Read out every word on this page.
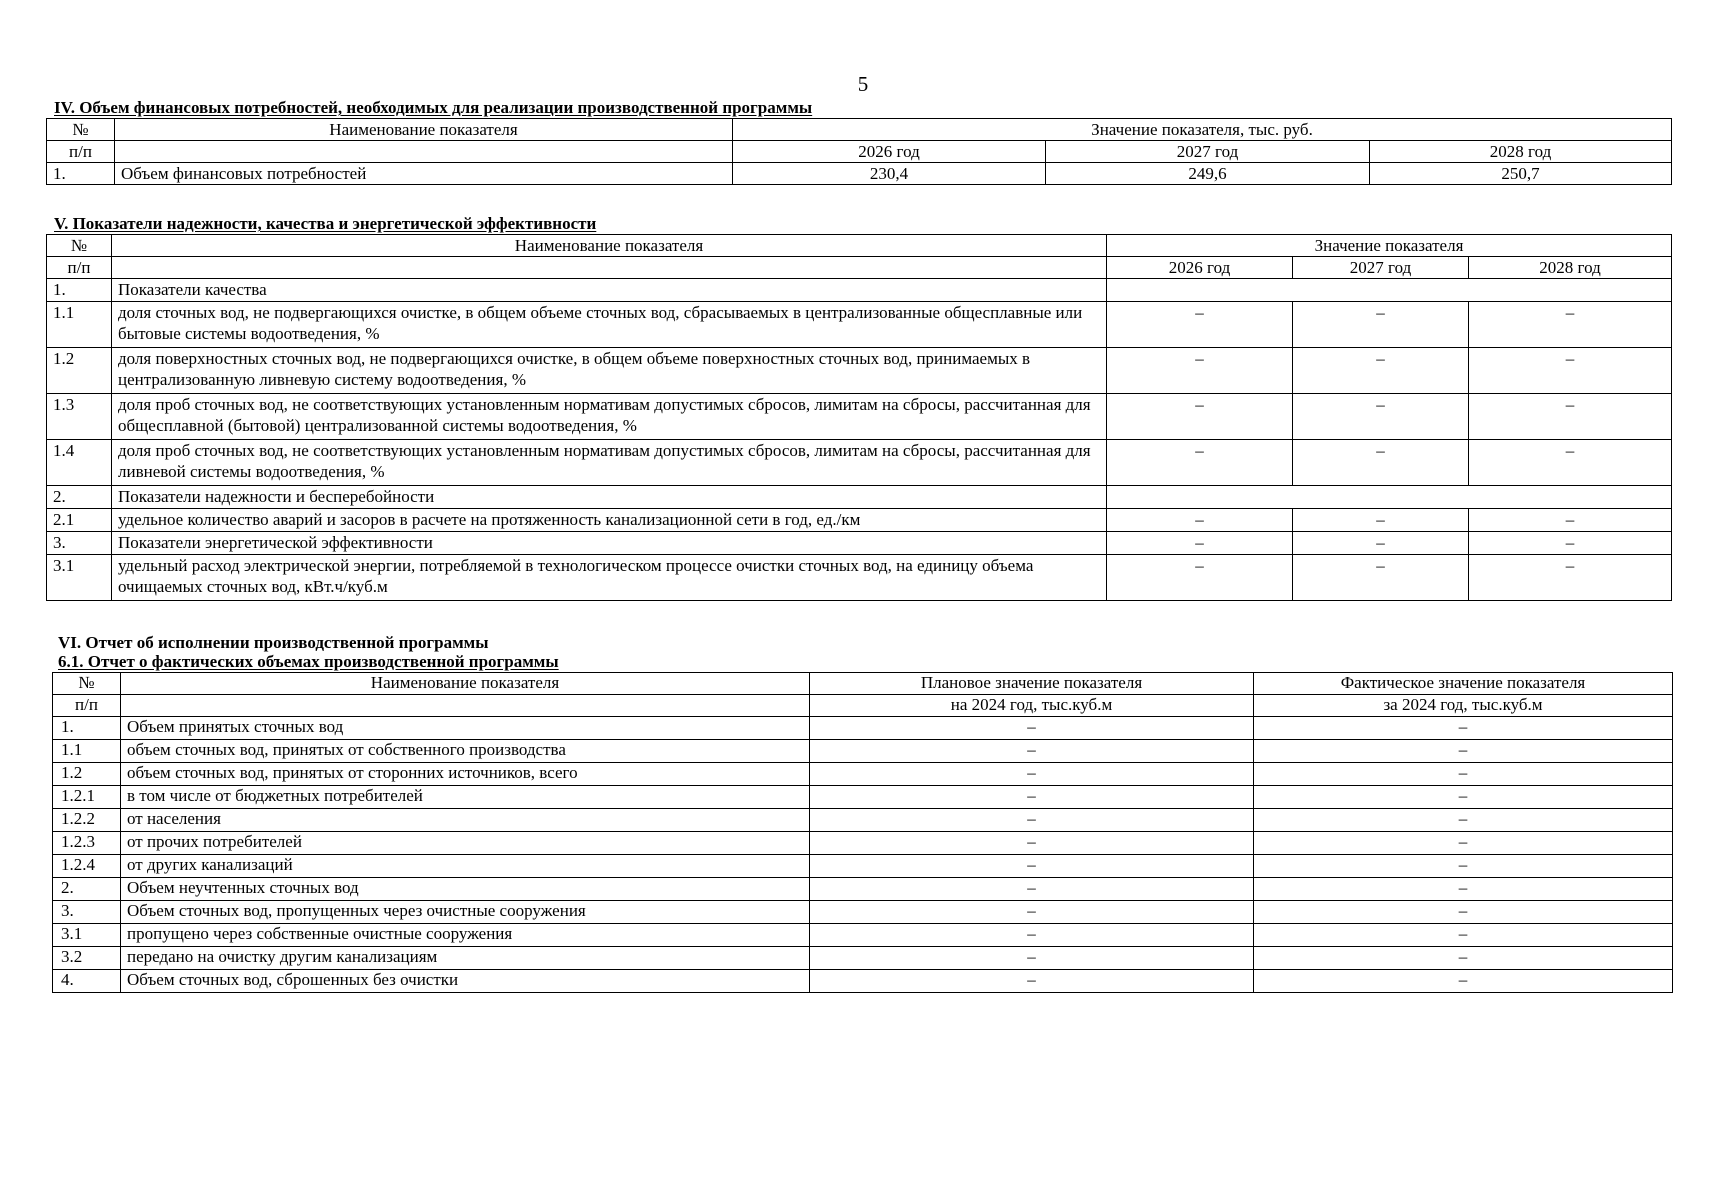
5
IV. Объем финансовых потребностей, необходимых для реализации производственной программы
№	Наименование показателя	Значение показателя, тыс. руб.		
п/п		2026 год	2027 год	2028 год
1.	Объем финансовых потребностей	230,4	249,6	250,7
V. Показатели надежности, качества и энергетической эффективности
№	Наименование показателя	Значение показателя		
п/п		2026 год	2027 год	2028 год
1.	Показатели качества			
1.1	доля сточных вод, не подвергающихся очистке, в общем объеме сточных вод, сбрасываемых в централизованные общесплавные или бытовые системы водоотведения, %	–	–	–
1.2	доля поверхностных сточных вод, не подвергающихся очистке, в общем объеме поверхностных сточных вод, принимаемых в централизованную ливневую систему водоотведения, %	–	–	–
1.3	доля проб сточных вод, не соответствующих установленным нормативам допустимых сбросов, лимитам на сбросы, рассчитанная для общесплавной (бытовой) централизованной системы водоотведения, %	–	–	–
1.4	доля проб сточных вод, не соответствующих установленным нормативам допустимых сбросов, лимитам на сбросы, рассчитанная для ливневой системы водоотведения, %	–	–	–
2.	Показатели надежности и бесперебойности			
2.1	удельное количество аварий и засоров в расчете на протяженность канализационной сети в год, ед./км	–	–	–
3.	Показатели энергетической эффективности	–	–	–
3.1	удельный расход электрической энергии, потребляемой в технологическом процессе очистки сточных вод, на единицу объема очищаемых сточных вод, кВт.ч/куб.м	–	–	–
VI. Отчет об исполнении производственной программы
6.1. Отчет о фактических объемах производственной программы
№	Наименование показателя	Плановое значение показателя	Фактическое значение показателя
п/п		на 2024 год, тыс.куб.м	за 2024 год, тыс.куб.м
1.	Объем принятых сточных вод	–	–
1.1	объем сточных вод, принятых от собственного производства	–	–
1.2	объем сточных вод, принятых от сторонних источников, всего	–	–
1.2.1	в том числе от бюджетных потребителей	–	–
1.2.2	от населения	–	–
1.2.3	от прочих потребителей	–	–
1.2.4	от других канализаций	–	–
2.	Объем неучтенных сточных вод	–	–
3.	Объем сточных вод, пропущенных через очистные сооружения	–	–
3.1	пропущено через собственные очистные сооружения	–	–
3.2	передано на очистку другим канализациям	–	–
4.	Объем сточных вод, сброшенных без очистки	–	–
